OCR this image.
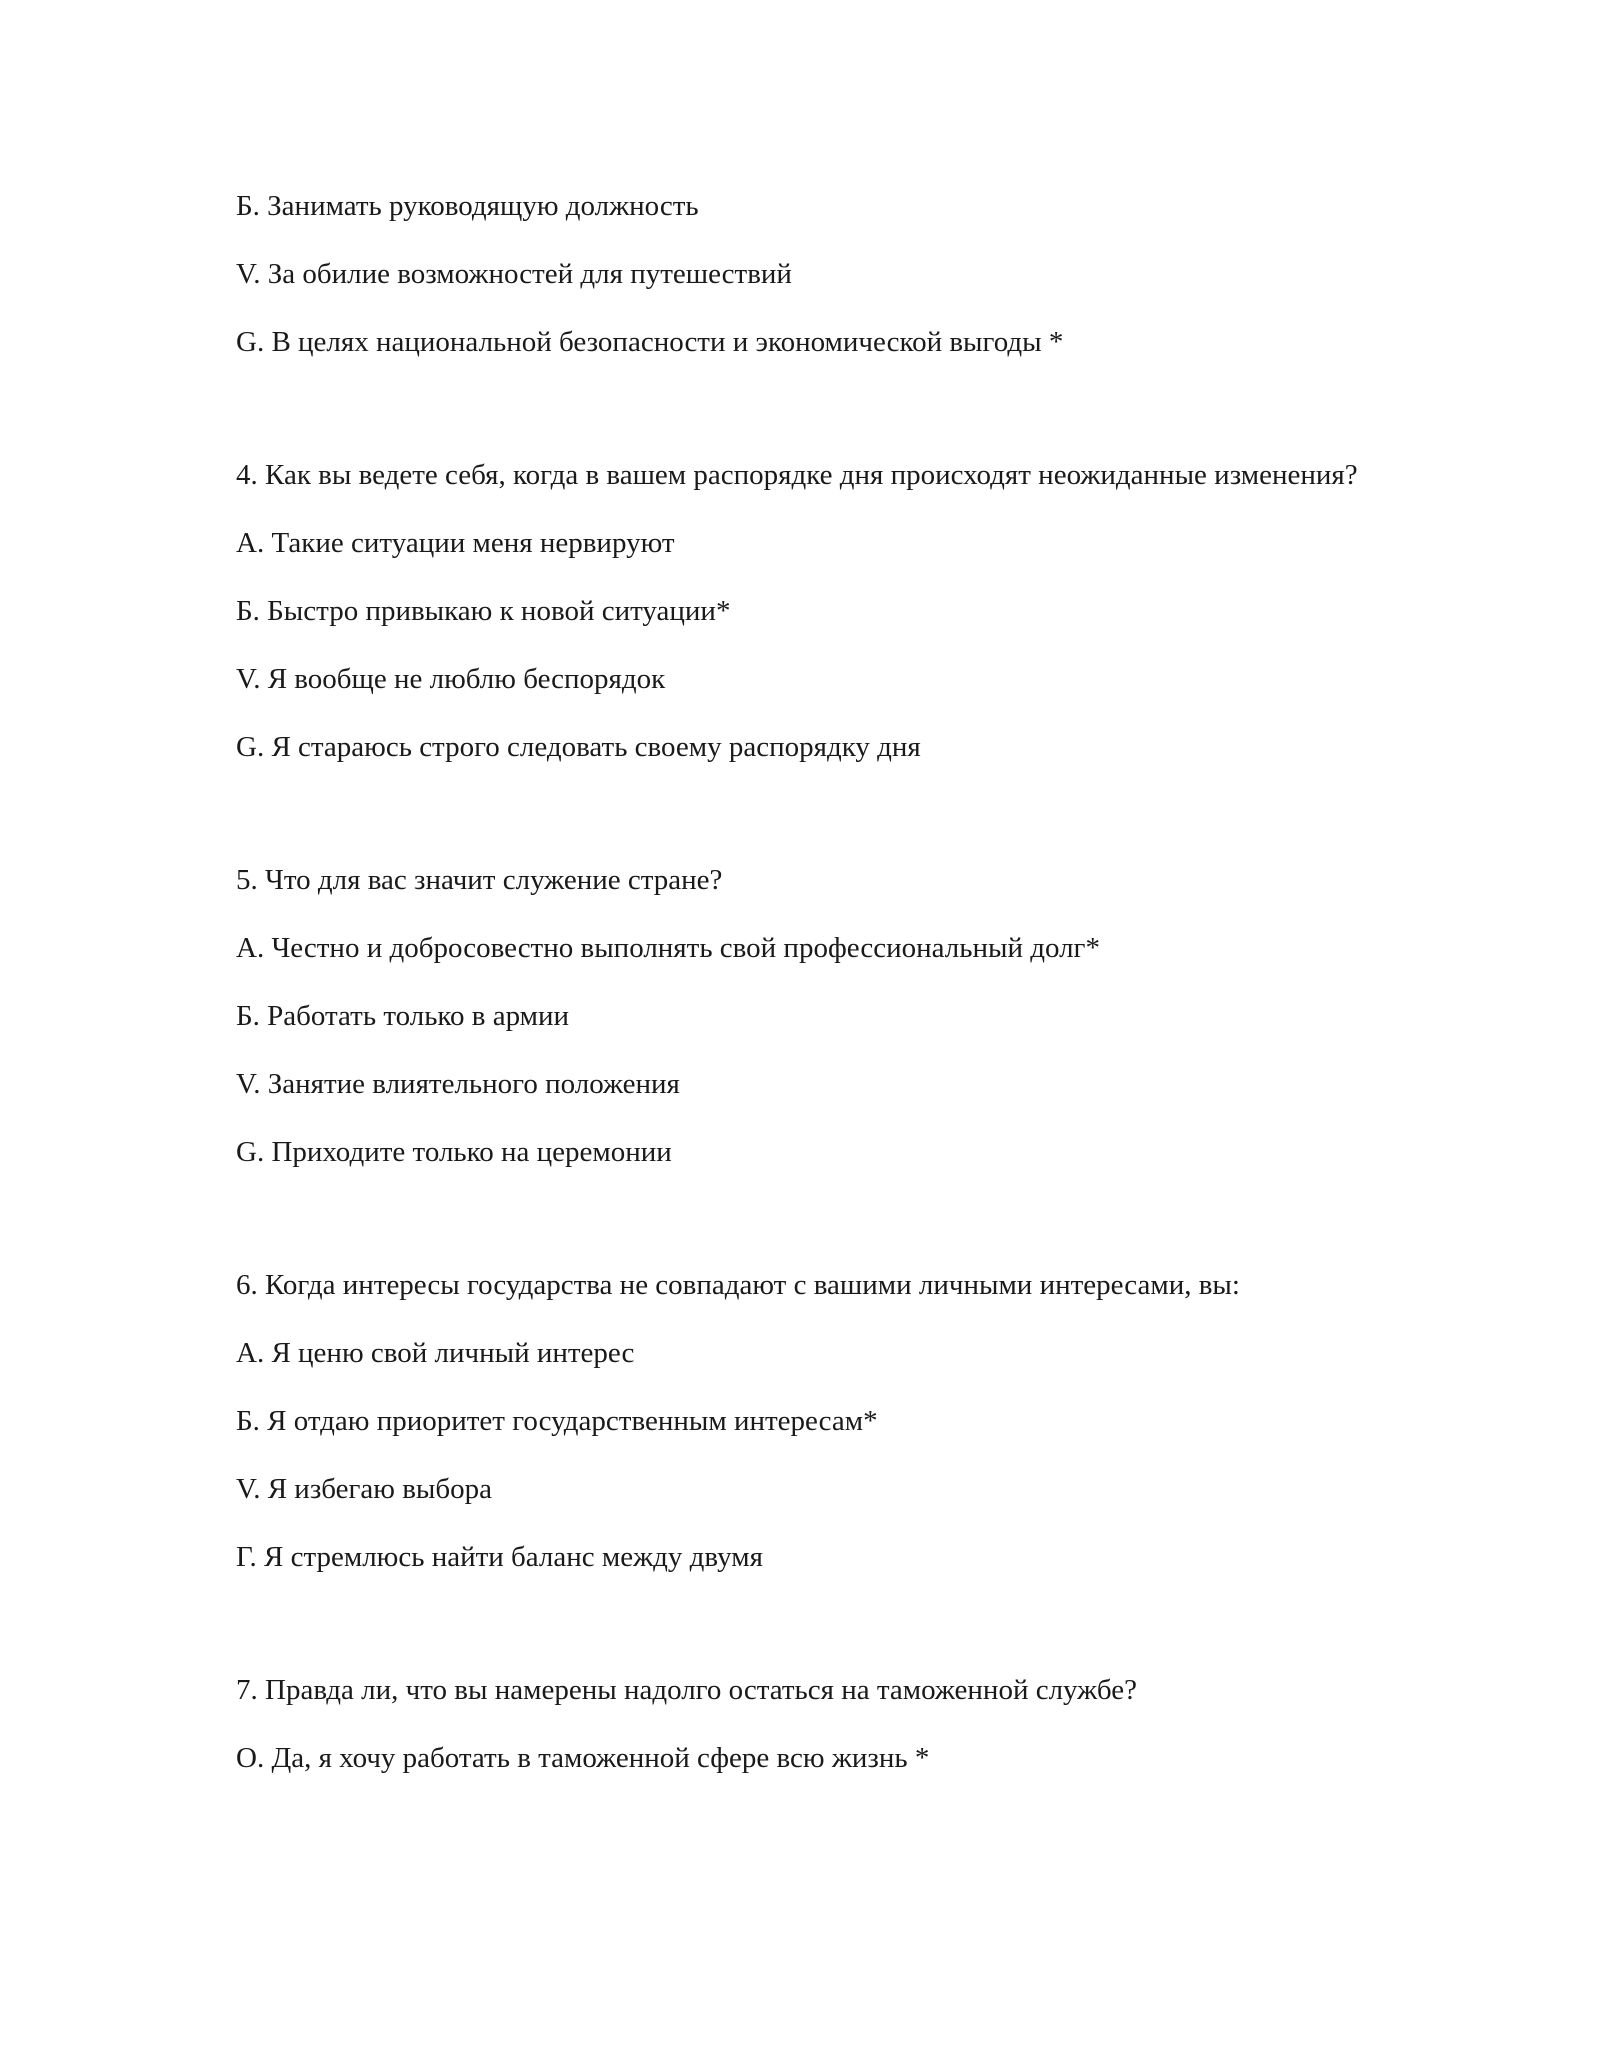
Б. Занимать руководящую должность

V. За обилие возможностей для путешествий

G. В целях национальной безопасности и экономической выгоды *

4. Как вы ведете себя, когда в вашем распорядке дня происходят неожиданные изменения?

А. Такие ситуации меня нервируют

Б. Быстро привыкаю к новой ситуации*

V. Я вообще не люблю беспорядок

G. Я стараюсь строго следовать своему распорядку дня

5. Что для вас значит служение стране?

А. Честно и добросовестно выполнять свой профессиональный долг*

Б. Работать только в армии

V. Занятие влиятельного положения

G. Приходите только на церемонии

6. Когда интересы государства не совпадают с вашими личными интересами, вы:

А. Я ценю свой личный интерес

Б. Я отдаю приоритет государственным интересам*

V. Я избегаю выбора

Г. Я стремлюсь найти баланс между двумя

7. Правда ли, что вы намерены надолго остаться на таможенной службе?

О. Да, я хочу работать в таможенной сфере всю жизнь *
